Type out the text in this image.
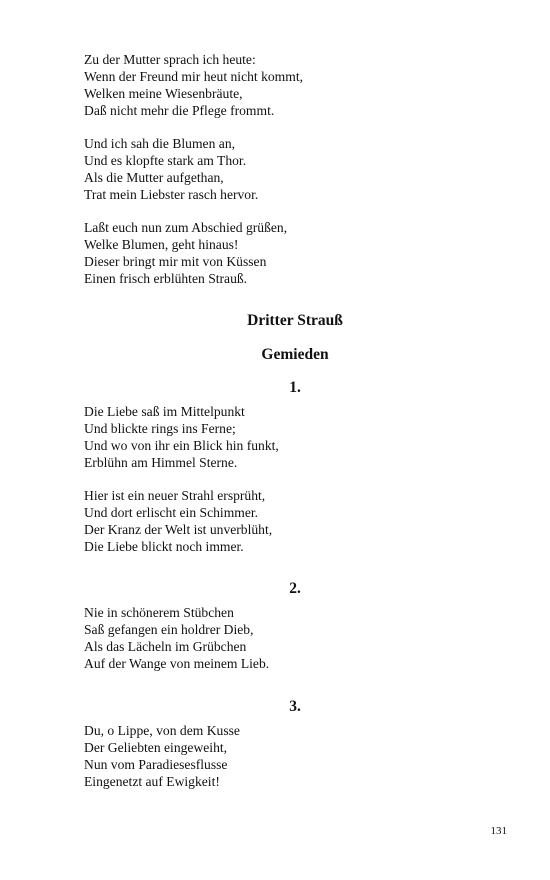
Zu der Mutter sprach ich heute:
Wenn der Freund mir heut nicht kommt,
Welken meine Wiesenbräute,
Daß nicht mehr die Pflege frommt.
Und ich sah die Blumen an,
Und es klopfte stark am Thor.
Als die Mutter aufgethan,
Trat mein Liebster rasch hervor.
Laßt euch nun zum Abschied grüßen,
Welke Blumen, geht hinaus!
Dieser bringt mir mit von Küssen
Einen frisch erblühten Strauß.
Dritter Strauß
Gemieden
1.
Die Liebe saß im Mittelpunkt
Und blickte rings ins Ferne;
Und wo von ihr ein Blick hin funkt,
Erblühn am Himmel Sterne.
Hier ist ein neuer Strahl ersprüht,
Und dort erlischt ein Schimmer.
Der Kranz der Welt ist unverblüht,
Die Liebe blickt noch immer.
2.
Nie in schönerem Stübchen
Saß gefangen ein holdrer Dieb,
Als das Lächeln im Grübchen
Auf der Wange von meinem Lieb.
3.
Du, o Lippe, von dem Kusse
Der Geliebten eingeweiht,
Nun vom Paradiesesflusse
Eingenetzt auf Ewigkeit!
131
